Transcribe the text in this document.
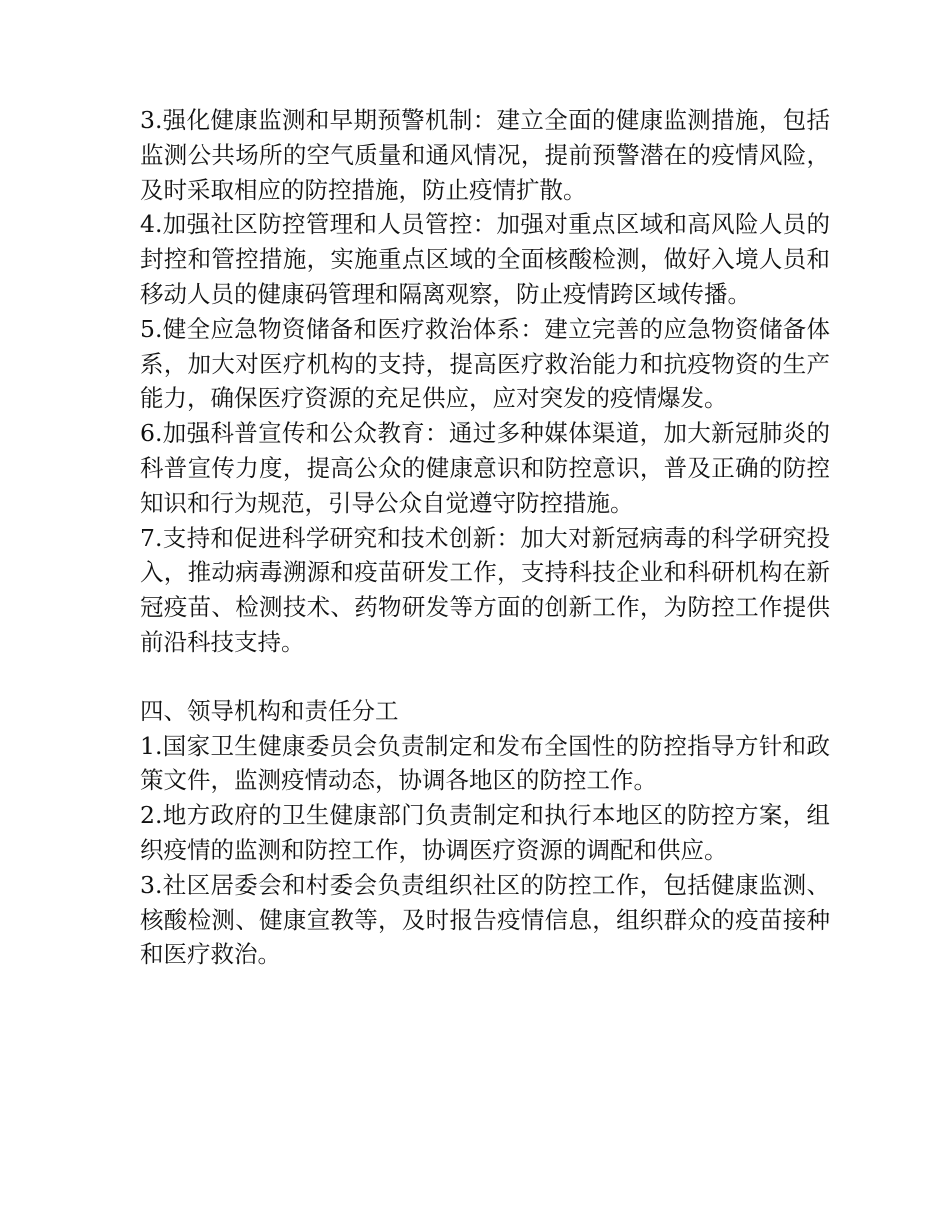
3.强化健康监测和早期预警机制：建立全面的健康监测措施，包括监测公共场所的空气质量和通风情况，提前预警潜在的疫情风险，及时采取相应的防控措施，防止疫情扩散。

4.加强社区防控管理和人员管控：加强对重点区域和高风险人员的封控和管控措施，实施重点区域的全面核酸检测，做好入境人员和移动人员的健康码管理和隔离观察，防止疫情跨区域传播。

5.健全应急物资储备和医疗救治体系：建立完善的应急物资储备体系，加大对医疗机构的支持，提高医疗救治能力和抗疫物资的生产能力，确保医疗资源的充足供应，应对突发的疫情爆发。

6.加强科普宣传和公众教育：通过多种媒体渠道，加大新冠肺炎的科普宣传力度，提高公众的健康意识和防控意识，普及正确的防控知识和行为规范，引导公众自觉遵守防控措施。

7.支持和促进科学研究和技术创新：加大对新冠病毒的科学研究投入，推动病毒溯源和疫苗研发工作，支持科技企业和科研机构在新冠疫苗、检测技术、药物研发等方面的创新工作，为防控工作提供前沿科技支持。

四、领导机构和责任分工

1.国家卫生健康委员会负责制定和发布全国性的防控指导方针和政策文件，监测疫情动态，协调各地区的防控工作。

2.地方政府的卫生健康部门负责制定和执行本地区的防控方案，组织疫情的监测和防控工作，协调医疗资源的调配和供应。

3.社区居委会和村委会负责组织社区的防控工作，包括健康监测、核酸检测、健康宣教等，及时报告疫情信息，组织群众的疫苗接种和医疗救治。
